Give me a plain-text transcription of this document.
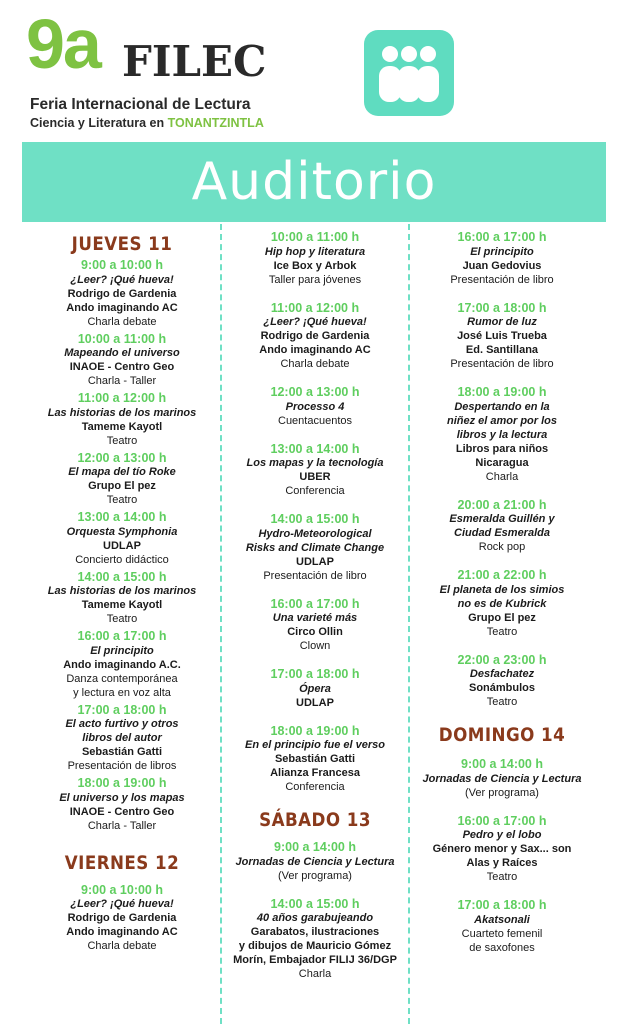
9a FILEC
Feria Internacional de Lectura
Ciencia y Literatura en TONANTZINTLA
Auditorio
JUEVES 11
9:00 a 10:00 h
¿Leer? ¡Qué hueva!
Rodrigo de Gardenia
Ando imaginando AC
Charla debate
10:00 a 11:00 h
Mapeando el universo
INAOE - Centro Geo
Charla - Taller
11:00 a 12:00 h
Las historias de los marinos
Tameme Kayotl
Teatro
12:00 a 13:00 h
El mapa del tío Roke
Grupo El pez
Teatro
13:00 a 14:00 h
Orquesta Symphonia
UDLAP
Concierto didáctico
14:00 a 15:00 h
Las historias de los marinos
Tameme Kayotl
Teatro
16:00 a 17:00 h
El principito
Ando imaginando A.C.
Danza contemporánea
y lectura en voz alta
17:00 a 18:00 h
El acto furtivo y otros
libros del autor
Sebastián Gatti
Presentación de libros
18:00 a 19:00 h
El universo y los mapas
INAOE - Centro Geo
Charla - Taller
VIERNES 12
9:00 a 10:00 h
¿Leer? ¡Qué hueva!
Rodrigo de Gardenia
Ando imaginando AC
Charla debate
10:00 a 11:00 h
Hip hop y literatura
Ice Box y Arbok
Taller para jóvenes
11:00 a 12:00 h
¿Leer? ¡Qué hueva!
Rodrigo de Gardenia
Ando imaginando AC
Charla debate
12:00 a 13:00 h
Processo 4
Cuentacuentos
13:00 a 14:00 h
Los mapas y la tecnología
UBER
Conferencia
14:00 a 15:00 h
Hydro-Meteorological
Risks and Climate Change
UDLAP
Presentación de libro
16:00 a 17:00 h
Una varieté más
Circo Ollin
Clown
17:00 a 18:00 h
Ópera
UDLAP
18:00 a 19:00 h
En el principio fue el verso
Sebastián Gatti
Alianza Francesa
Conferencia
SÁBADO 13
9:00 a 14:00 h
Jornadas de Ciencia y Lectura
(Ver programa)
14:00 a 15:00 h
40 años garabujeando
Garabatos, ilustraciones
y dibujos de Mauricio Gómez
Morín, Embajador FILIJ 36/DGP
Charla
16:00 a 17:00 h
El principito
Juan Gedovius
Presentación de libro
17:00 a 18:00 h
Rumor de luz
José Luis Trueba
Ed. Santillana
Presentación de libro
18:00 a 19:00 h
Despertando en la
niñez el amor por los
libros y la lectura
Libros para niños
Nicaragua
Charla
20:00 a 21:00 h
Esmeralda Guillén y
Ciudad Esmeralda
Rock pop
21:00 a 22:00 h
El planeta de los simios
no es de Kubrick
Grupo El pez
Teatro
22:00 a 23:00 h
Desfachatez
Sonámbulos
Teatro
DOMINGO 14
9:00 a 14:00 h
Jornadas de Ciencia y Lectura
(Ver programa)
16:00 a 17:00 h
Pedro y el lobo
Género menor y Sax... son
Alas y Raíces
Teatro
17:00 a 18:00 h
Akatsonali
Cuarteto femenil
de saxofones
